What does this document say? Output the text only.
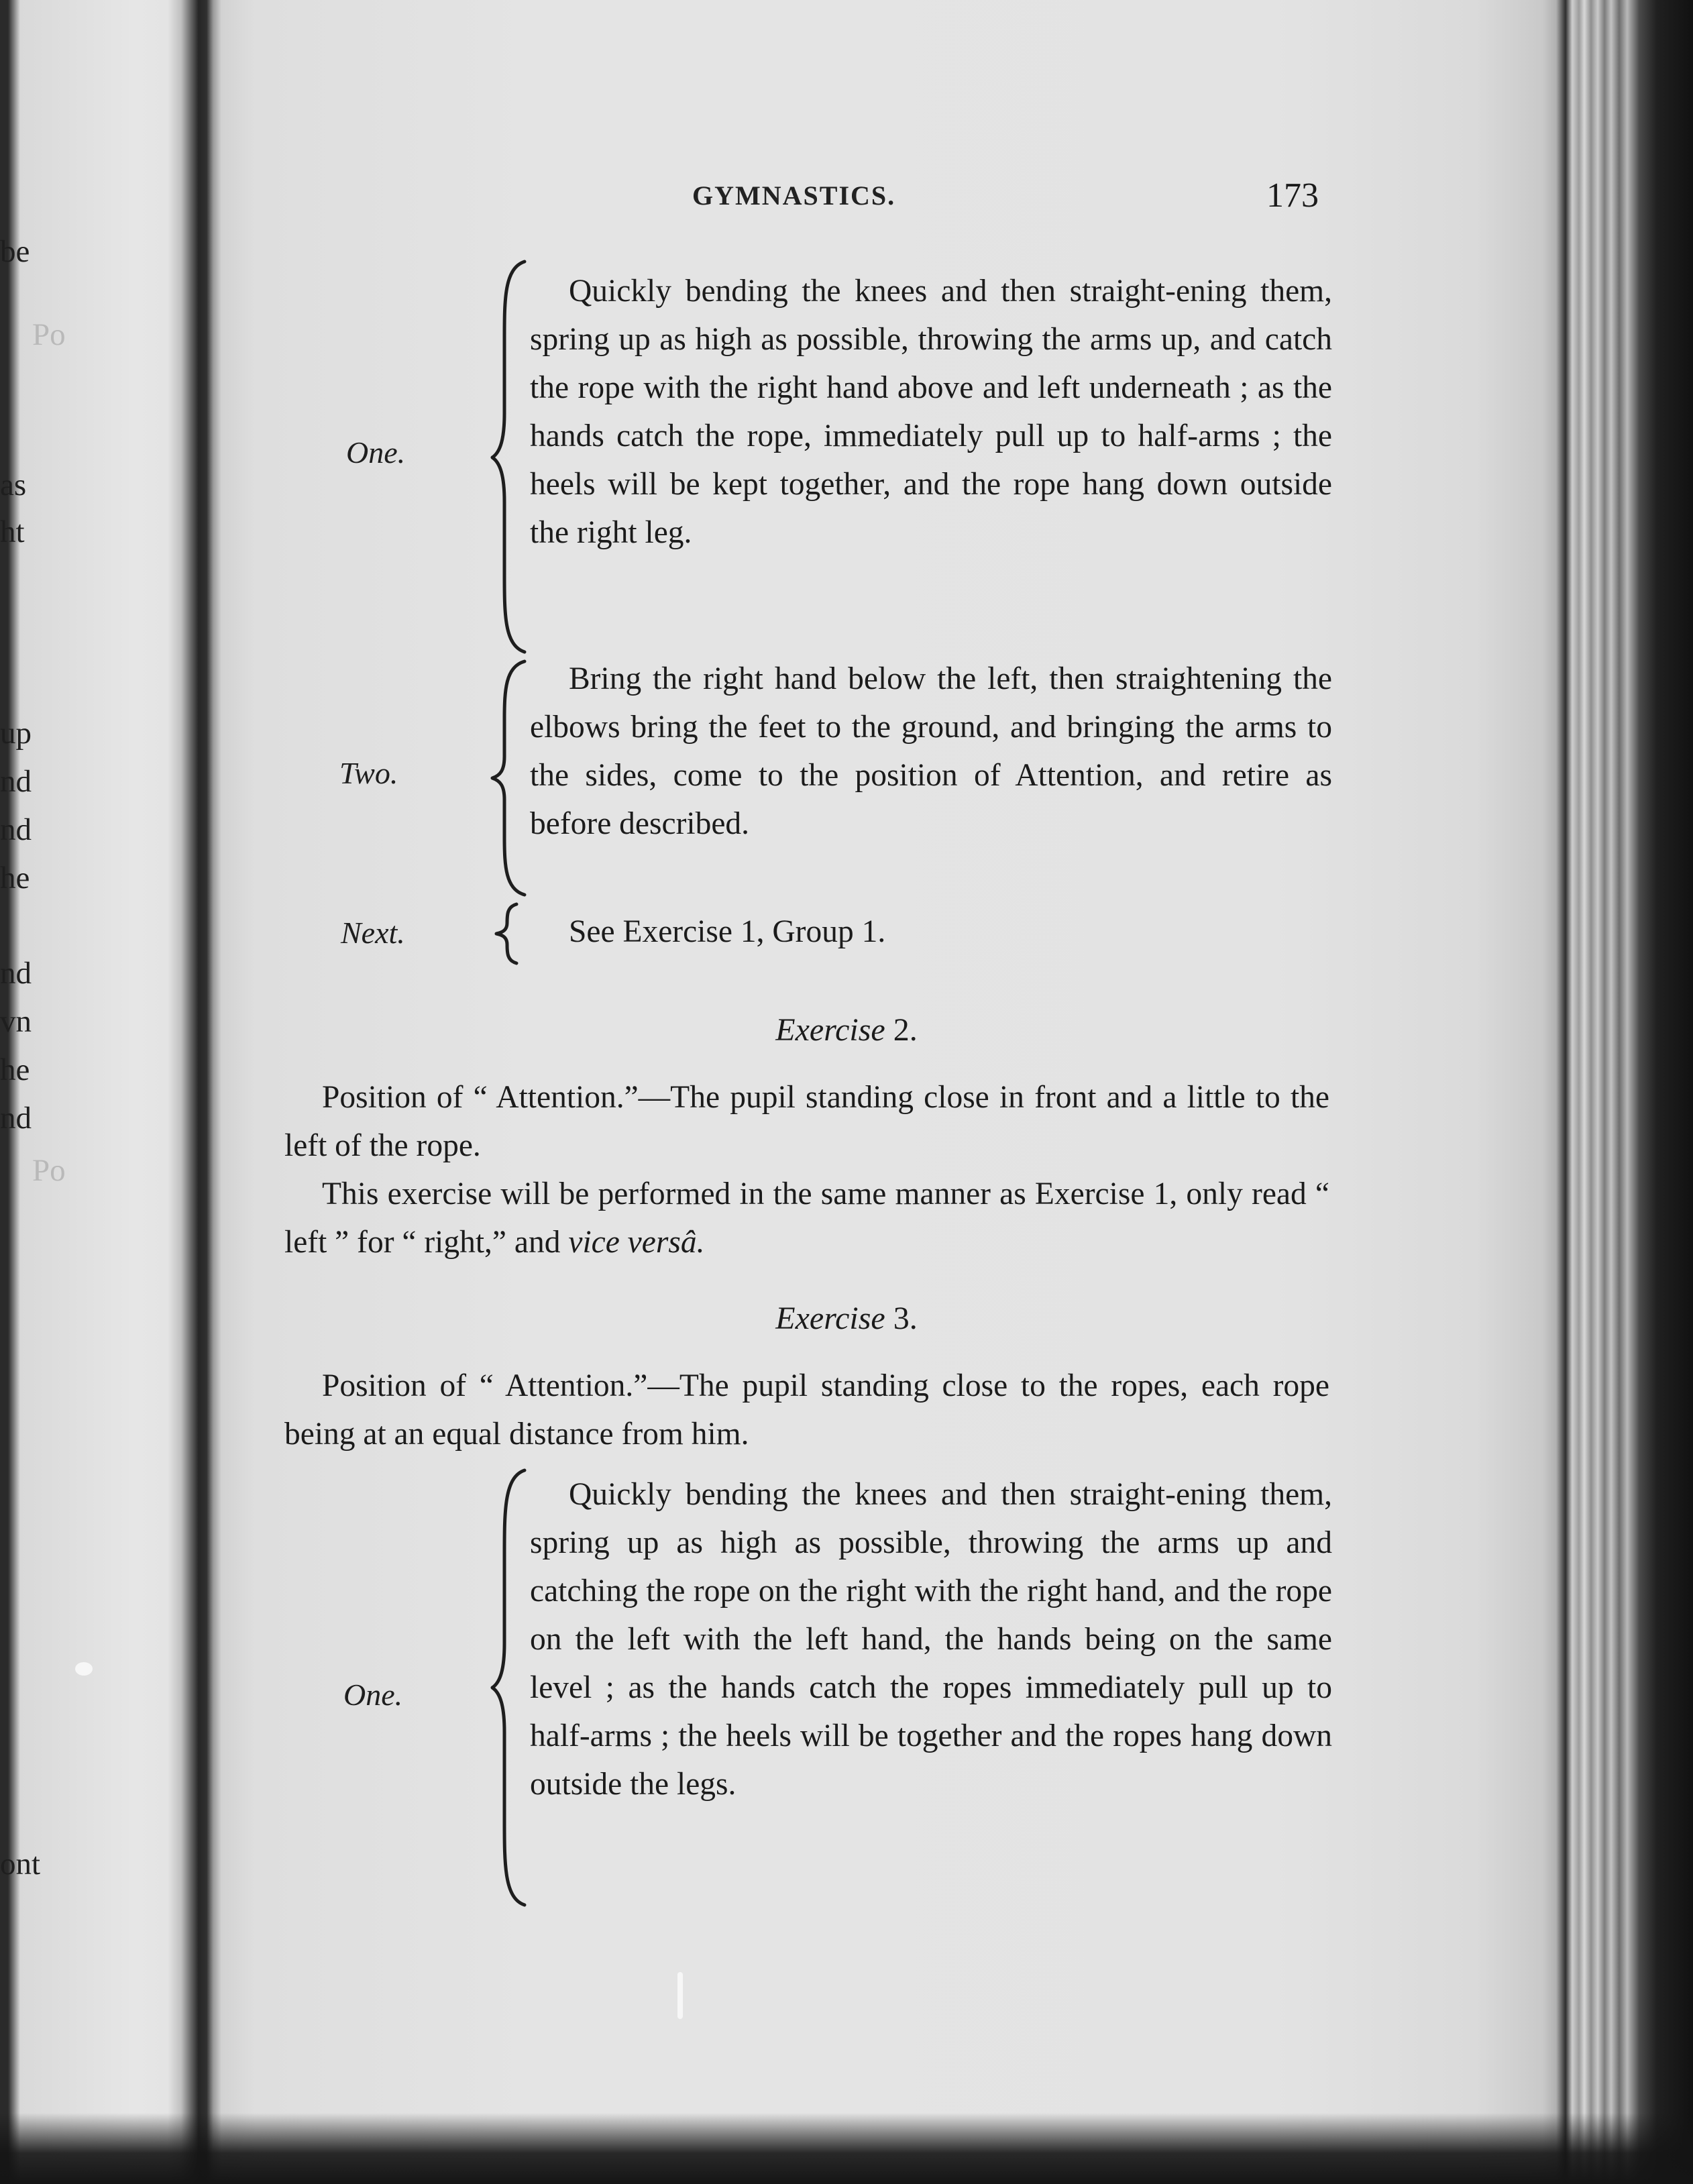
be
Po
as
ht
up
nd
nd
he
nd
vn
he
nd
Po
ont
GYMNASTICS.	173
One.

Quickly bending the knees and then straight-ening them, spring up as high as possible, throwing the arms up, and catch the rope with the right hand above and left underneath ; as the hands catch the rope, immediately pull up to half-arms ; the heels will be kept together, and the rope hang down outside the right leg.

Two.

Bring the right hand below the left, then straightening the elbows bring the feet to the ground, and bringing the arms to the sides, come to the position of Attention, and retire as before described.

Next.	See Exercise 1, Group 1.
Exercise 2.

Position of “ Attention.”—The pupil standing close in front and a little to the left of the rope.

This exercise will be performed in the same manner as Exercise 1, only read “ left ” for “ right,” and vice versâ.

Exercise 3.

Position of “ Attention.”—The pupil standing close to the ropes, each rope being at an equal distance from him.

One.

Quickly bending the knees and then straight-ening them, spring up as high as possible, throwing the arms up and catching the rope on the right with the right hand, and the rope on the left with the left hand, the hands being on the same level ; as the hands catch the ropes immediately pull up to half-arms ; the heels will be together and the ropes hang down outside the legs.
